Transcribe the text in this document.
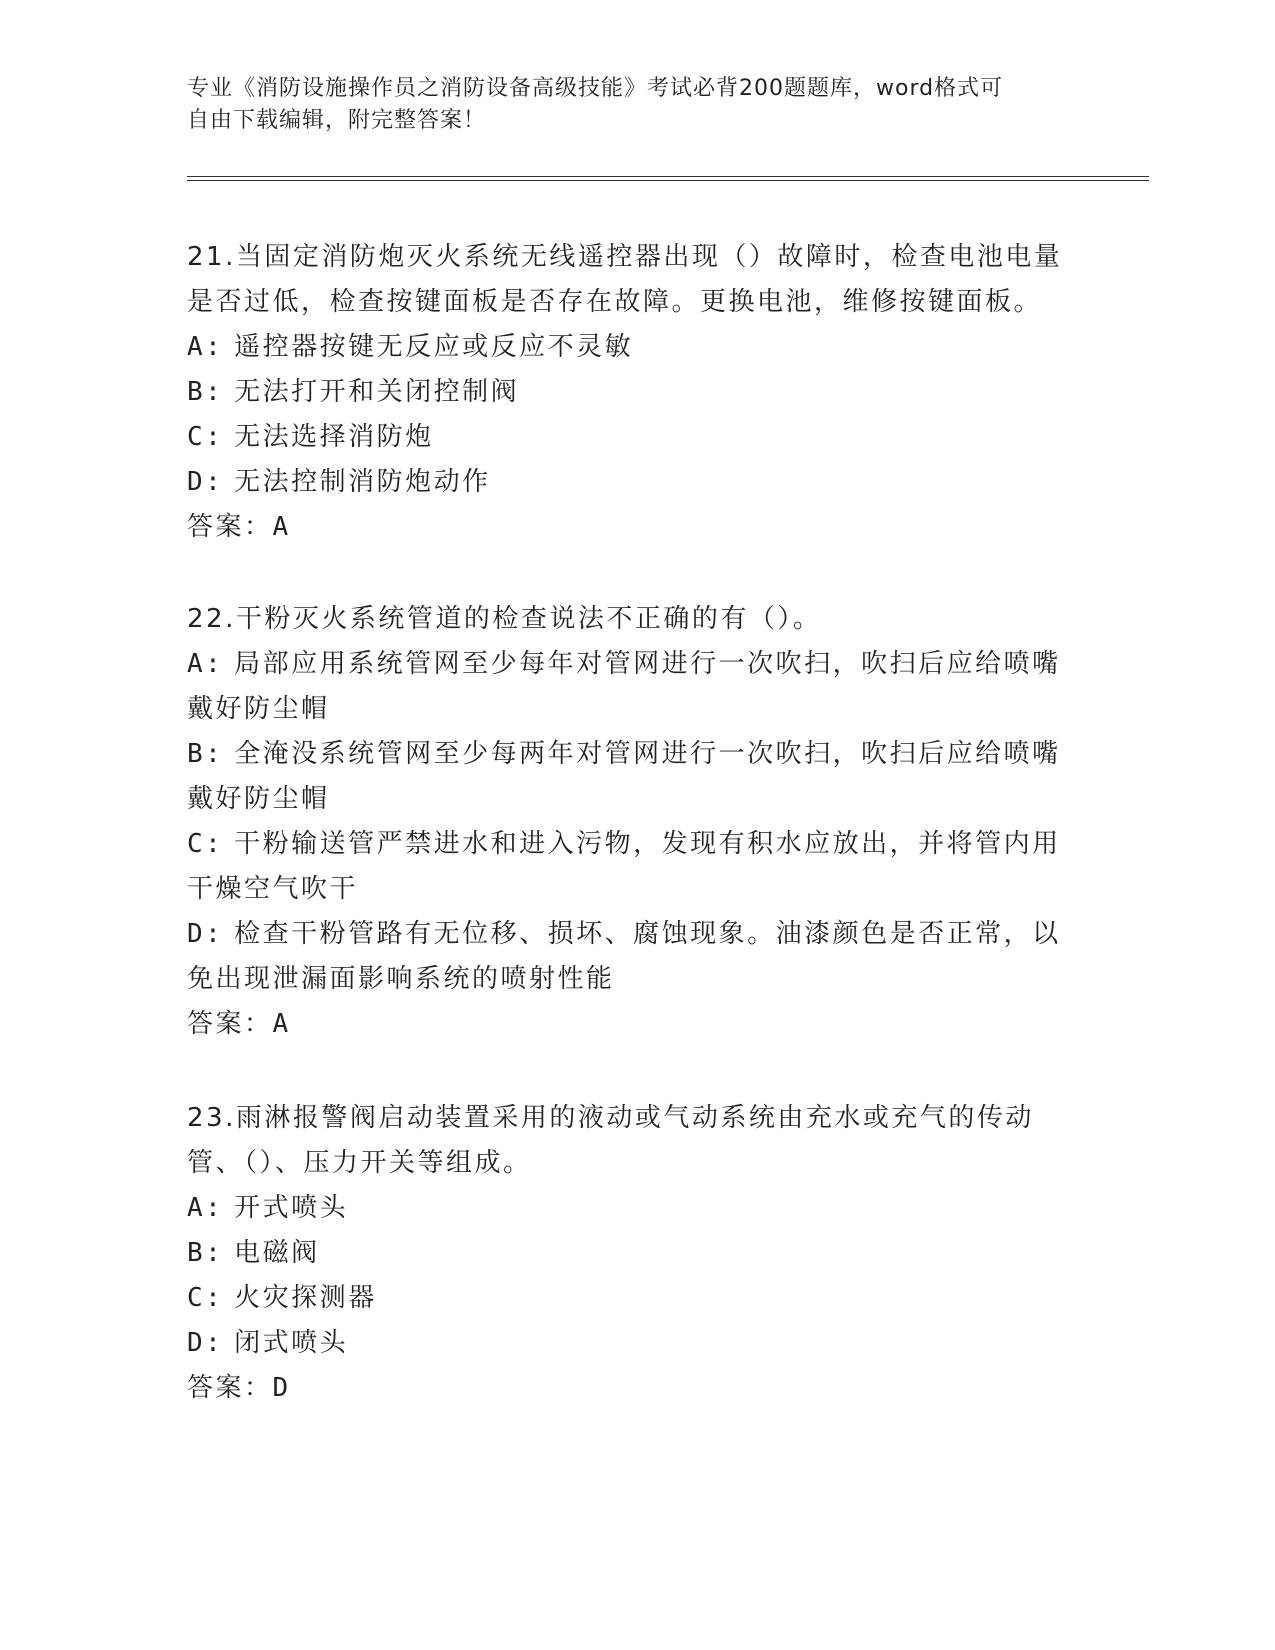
专业《消防设施操作员之消防设备高级技能》考试必背200题题库，word格式可
自由下载编辑，附完整答案！
21.当固定消防炮灭火系统无线遥控器出现（）故障时，检查电池电量是否过低，检查按键面板是否存在故障。更换电池，维修按键面板。
A: 遥控器按键无反应或反应不灵敏
B: 无法打开和关闭控制阀
C: 无法选择消防炮
D: 无法控制消防炮动作
答案：A
22.干粉灭火系统管道的检查说法不正确的有（）。
A: 局部应用系统管网至少每年对管网进行一次吹扫，吹扫后应给喷嘴戴好防尘帽
B: 全淹没系统管网至少每两年对管网进行一次吹扫，吹扫后应给喷嘴戴好防尘帽
C: 干粉输送管严禁进水和进入污物，发现有积水应放出，并将管内用干燥空气吹干
D: 检查干粉管路有无位移、损坏、腐蚀现象。油漆颜色是否正常，以免出现泄漏面影响系统的喷射性能
答案：A
23.雨淋报警阀启动装置采用的液动或气动系统由充水或充气的传动管、（）、压力开关等组成。
A: 开式喷头
B: 电磁阀
C: 火灾探测器
D: 闭式喷头
答案：D
